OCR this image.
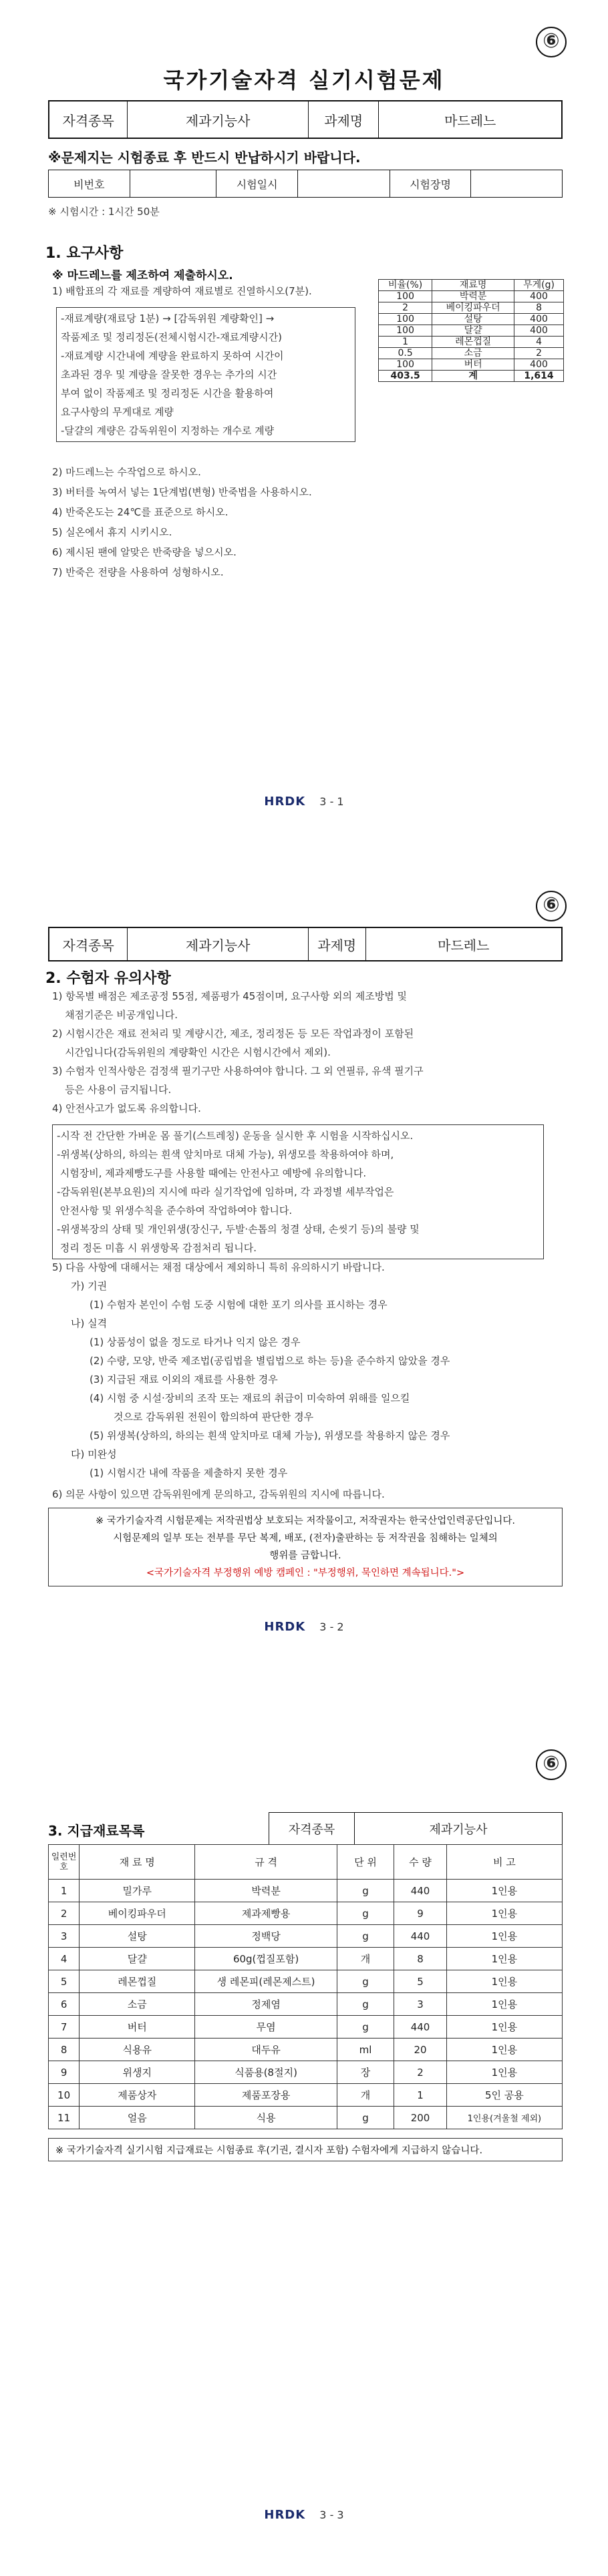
⑥
국가기술자격 실기시험문제
자격종목	제과기능사	과제명	마드레느
※문제지는 시험종료 후 반드시 반납하시기 바랍니다.
비번호	시험일시	시험장명
※ 시험시간 : 1시간 50분
1. 요구사항
※ 마드레느를 제조하여 제출하시오.
1) 배합표의 각 재료를 계량하여 재료별로 진열하시오(7분).
-재료계량(재료당 1분) → [감독위원 계량확인] →
작품제조 및 정리정돈(전체시험시간-재료계량시간)
-재료계량 시간내에 계량을 완료하지 못하여 시간이
초과된 경우 및 계량을 잘못한 경우는 추가의 시간
부여 없이 작품제조 및 정리정돈 시간을 활용하여
요구사항의 무게대로 계량
-달걀의 계량은 감독위원이 지정하는 개수로 계량
2) 마드레느는 수작업으로 하시오.
3) 버터를 녹여서 넣는 1단계법(변형) 반죽법을 사용하시오.
4) 반죽온도는 24℃를 표준으로 하시오.
5) 실온에서 휴지 시키시오.
6) 제시된 팬에 알맞은 반죽량을 넣으시오.
7) 반죽은 전량을 사용하여 성형하시오.
비율(%)	재료명	무게(g)
100	박력분	400
2	베이킹파우더	8
100	설탕	400
100	달걀	400
1	레몬껍질	4
0.5	소금	2
100	버터	400
403.5	계	1,614
HRDK 3 - 1
⑥
자격종목	제과기능사	과제명	마드레느
2. 수험자 유의사항
1) 항목별 배점은 제조공정 55점, 제품평가 45점이며, 요구사항 외의 제조방법 및
채점기준은 비공개입니다.
2) 시험시간은 재료 전처리 및 계량시간, 제조, 정리정돈 등 모든 작업과정이 포함된
시간입니다(감독위원의 계량확인 시간은 시험시간에서 제외).
3) 수험자 인적사항은 검정색 필기구만 사용하여야 합니다. 그 외 연필류, 유색 필기구
등은 사용이 금지됩니다.
4) 안전사고가 없도록 유의합니다.
-시작 전 간단한 가벼운 몸 풀기(스트레칭) 운동을 실시한 후 시험을 시작하십시오.
-위생복(상하의, 하의는 흰색 앞치마로 대체 가능), 위생모를 착용하여야 하며,
시험장비, 제과제빵도구를 사용할 때에는 안전사고 예방에 유의합니다.
-감독위원(본부요원)의 지시에 따라 실기작업에 임하며, 각 과정별 세부작업은
안전사항 및 위생수칙을 준수하여 작업하여야 합니다.
-위생복장의 상태 및 개인위생(장신구, 두발·손톱의 청결 상태, 손씻기 등)의 불량 및
정리 정돈 미흡 시 위생항목 감점처리 됩니다.
5) 다음 사항에 대해서는 채점 대상에서 제외하니 특히 유의하시기 바랍니다.
가) 기권
(1) 수험자 본인이 수험 도중 시험에 대한 포기 의사를 표시하는 경우
나) 실격
(1) 상품성이 없을 정도로 타거나 익지 않은 경우
(2) 수량, 모양, 반죽 제조법(공립법을 별립법으로 하는 등)을 준수하지 않았을 경우
(3) 지급된 재료 이외의 재료를 사용한 경우
(4) 시험 중 시설·장비의 조작 또는 재료의 취급이 미숙하여 위해를 일으킬
것으로 감독위원 전원이 합의하여 판단한 경우
(5) 위생복(상하의, 하의는 흰색 앞치마로 대체 가능), 위생모를 착용하지 않은 경우
다) 미완성
(1) 시험시간 내에 작품을 제출하지 못한 경우
6) 의문 사항이 있으면 감독위원에게 문의하고, 감독위원의 지시에 따릅니다.
※ 국가기술자격 시험문제는 저작권법상 보호되는 저작물이고, 저작권자는 한국산업인력공단입니다.
시험문제의 일부 또는 전부를 무단 복제, 배포, (전자)출판하는 등 저작권을 침해하는 일체의
행위를 금합니다.
<국가기술자격 부정행위 예방 캠페인 : "부정행위, 묵인하면 계속됩니다.">
HRDK 3 - 2
⑥
3. 지급재료목록	자격종목	제과기능사
일련번호	재 료 명	규 격	단 위	수 량	비 고
1	밀가루	박력분	g	440	1인용
2	베이킹파우더	제과제빵용	g	9	1인용
3	설탕	정백당	g	440	1인용
4	달걀	60g(껍질포함)	개	8	1인용
5	레몬껍질	생 레몬피(레몬제스트)	g	5	1인용
6	소금	정제염	g	3	1인용
7	버터	무염	g	440	1인용
8	식용유	대두유	ml	20	1인용
9	위생지	식품용(8절지)	장	2	1인용
10	제품상자	제품포장용	개	1	5인 공용
11	얼음	식용	g	200	1인용(겨울철 제외)
※ 국가기술자격 실기시험 지급재료는 시험종료 후(기권, 결시자 포함) 수험자에게 지급하지 않습니다.
HRDK 3 - 3
